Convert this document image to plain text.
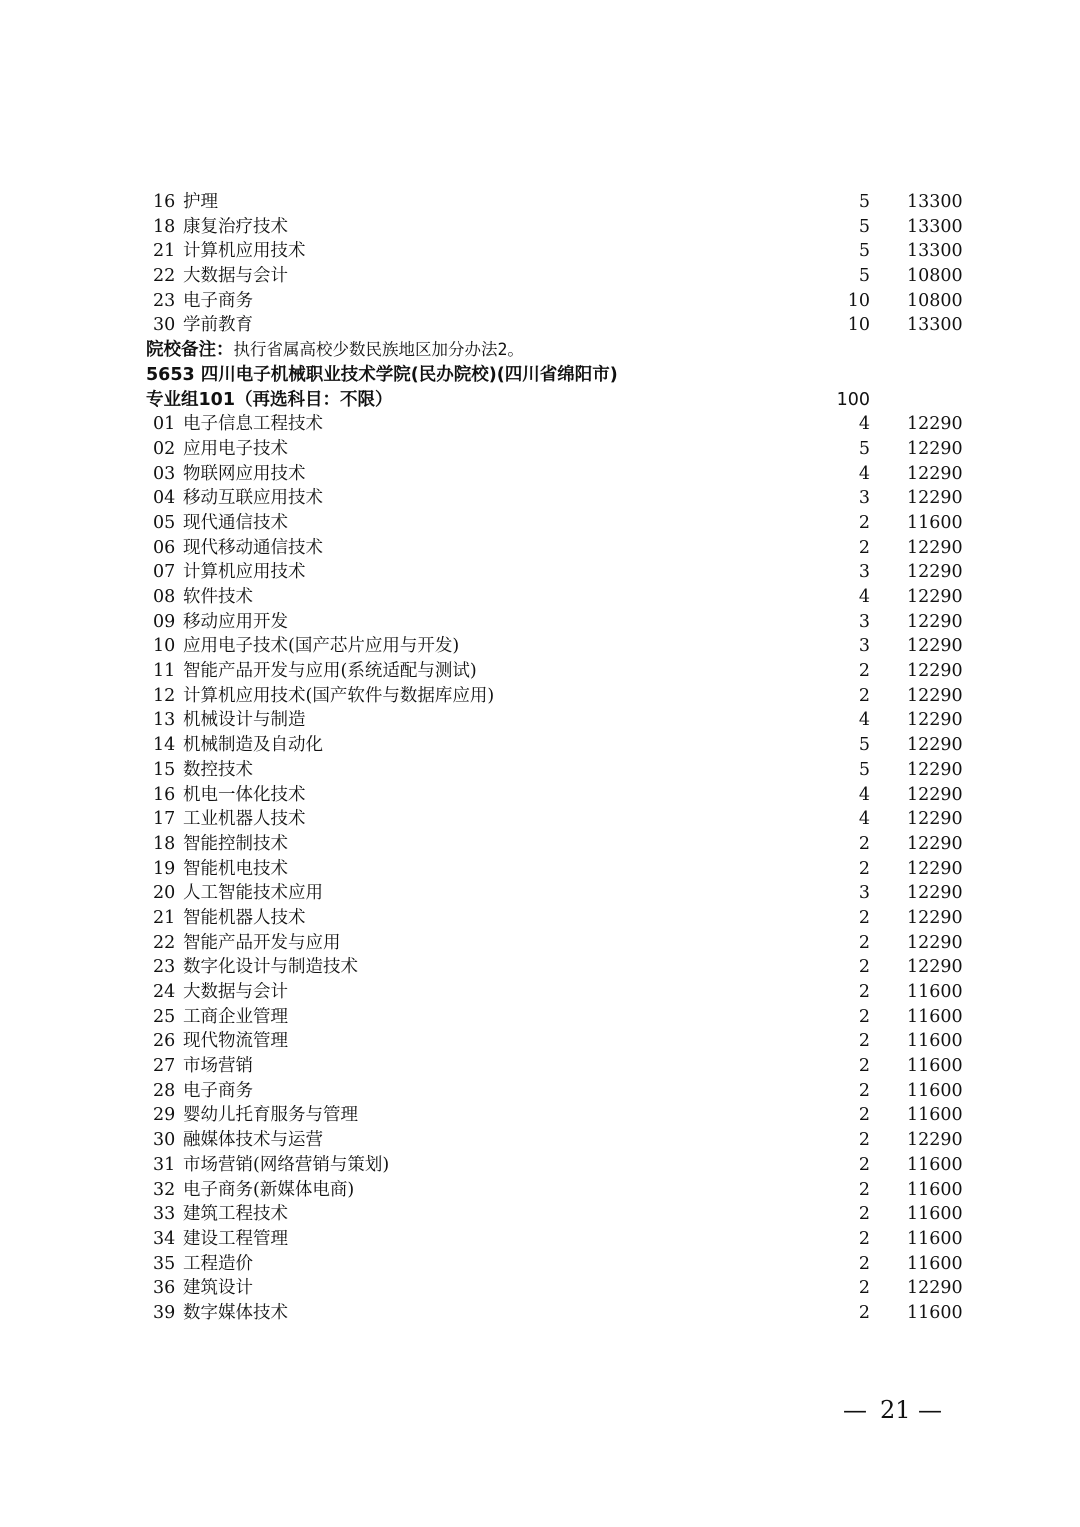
16 护理	5 13300
18 康复治疗技术	5 13300
21 计算机应用技术	5 13300
22 大数据与会计	5 10800
23 电子商务	10 10800
30 学前教育	10 13300
院校备注：执行省属高校少数民族地区加分办法2。
5653 四川电子机械职业技术学院(民办院校)(四川省绵阳市)
专业组101（再选科目：不限）	100
01 电子信息工程技术	4 12290
02 应用电子技术	5 12290
03 物联网应用技术	4 12290
04 移动互联应用技术	3 12290
05 现代通信技术	2 11600
06 现代移动通信技术	2 12290
07 计算机应用技术	3 12290
08 软件技术	4 12290
09 移动应用开发	3 12290
10 应用电子技术(国产芯片应用与开发)	3 12290
11 智能产品开发与应用(系统适配与测试)	2 12290
12 计算机应用技术(国产软件与数据库应用)	2 12290
13 机械设计与制造	4 12290
14 机械制造及自动化	5 12290
15 数控技术	5 12290
16 机电一体化技术	4 12290
17 工业机器人技术	4 12290
18 智能控制技术	2 12290
19 智能机电技术	2 12290
20 人工智能技术应用	3 12290
21 智能机器人技术	2 12290
22 智能产品开发与应用	2 12290
23 数字化设计与制造技术	2 12290
24 大数据与会计	2 11600
25 工商企业管理	2 11600
26 现代物流管理	2 11600
27 市场营销	2 11600
28 电子商务	2 11600
29 婴幼儿托育服务与管理	2 11600
30 融媒体技术与运营	2 12290
31 市场营销(网络营销与策划)	2 11600
32 电子商务(新媒体电商)	2 11600
33 建筑工程技术	2 11600
34 建设工程管理	2 11600
35 工程造价	2 11600
36 建筑设计	2 12290
39 数字媒体技术	2 11600
— 21 —
